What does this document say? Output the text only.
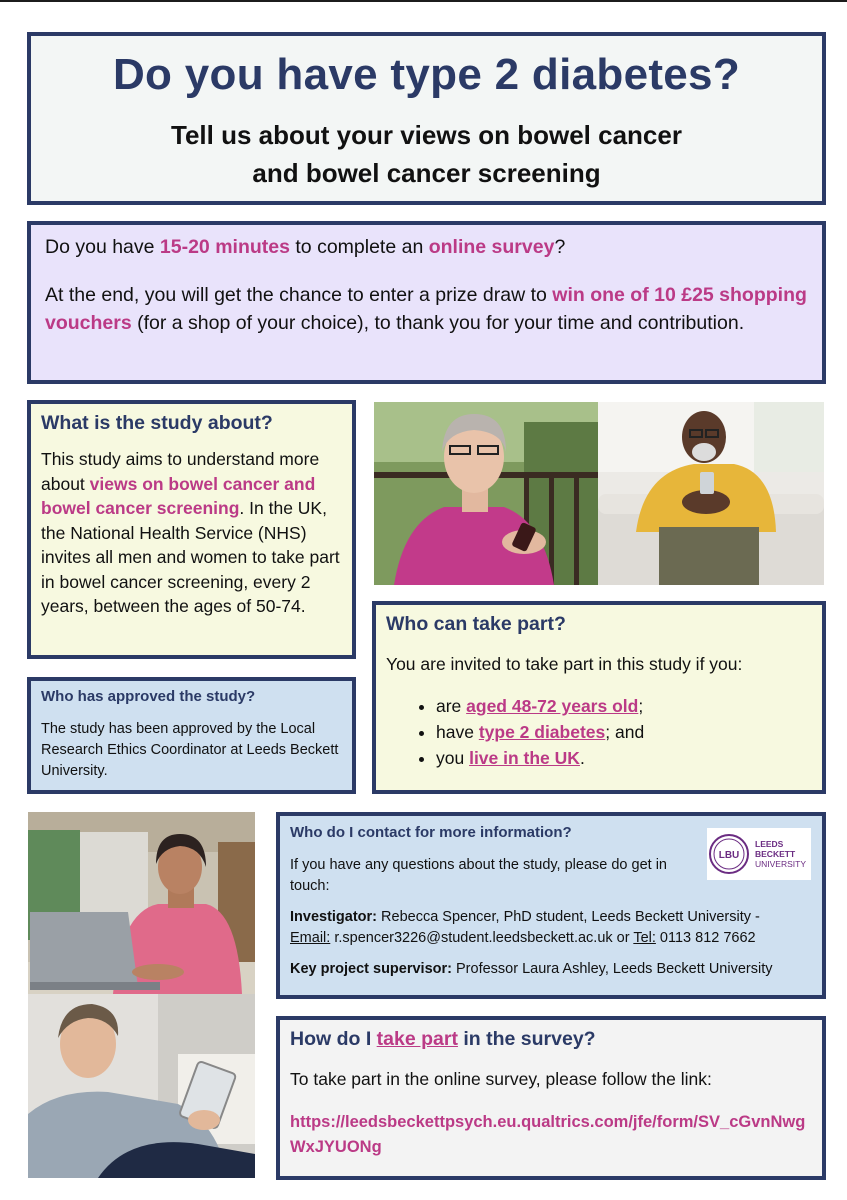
Do you have type 2 diabetes?
Tell us about your views on bowel cancer
and bowel cancer screening

Do you have 15-20 minutes to complete an online survey?

At the end, you will get the chance to enter a prize draw to win one of 10 £25 shopping vouchers (for a shop of your choice), to thank you for your time and contribution.

What is the study about?

This study aims to understand more about views on bowel cancer and bowel cancer screening. In the UK, the National Health Service (NHS) invites all men and women to take part in bowel cancer screening, every 2 years, between the ages of 50-74.

Who has approved the study?

The study has been approved by the Local Research Ethics Coordinator at Leeds Beckett University.

Who can take part?

You are invited to take part in this study if you:

• are aged 48-72 years old;
• have type 2 diabetes; and
• you live in the UK.
Who do I contact for more information?

If you have any questions about the study, please do get in touch:

Investigator: Rebecca Spencer, PhD student, Leeds Beckett University -
Email: r.spencer3226@student.leedsbeckett.ac.uk or Tel: 0113 812 7662

Key project supervisor: Professor Laura Ashley, Leeds Beckett University

LBU
LEEDS
BECKETT
UNIVERSITY
How do I take part in the survey?

To take part in the online survey, please follow the link:

https://leedsbeckettpsych.eu.qualtrics.com/jfe/form/SV_cGvnNwgWxJYUONg
